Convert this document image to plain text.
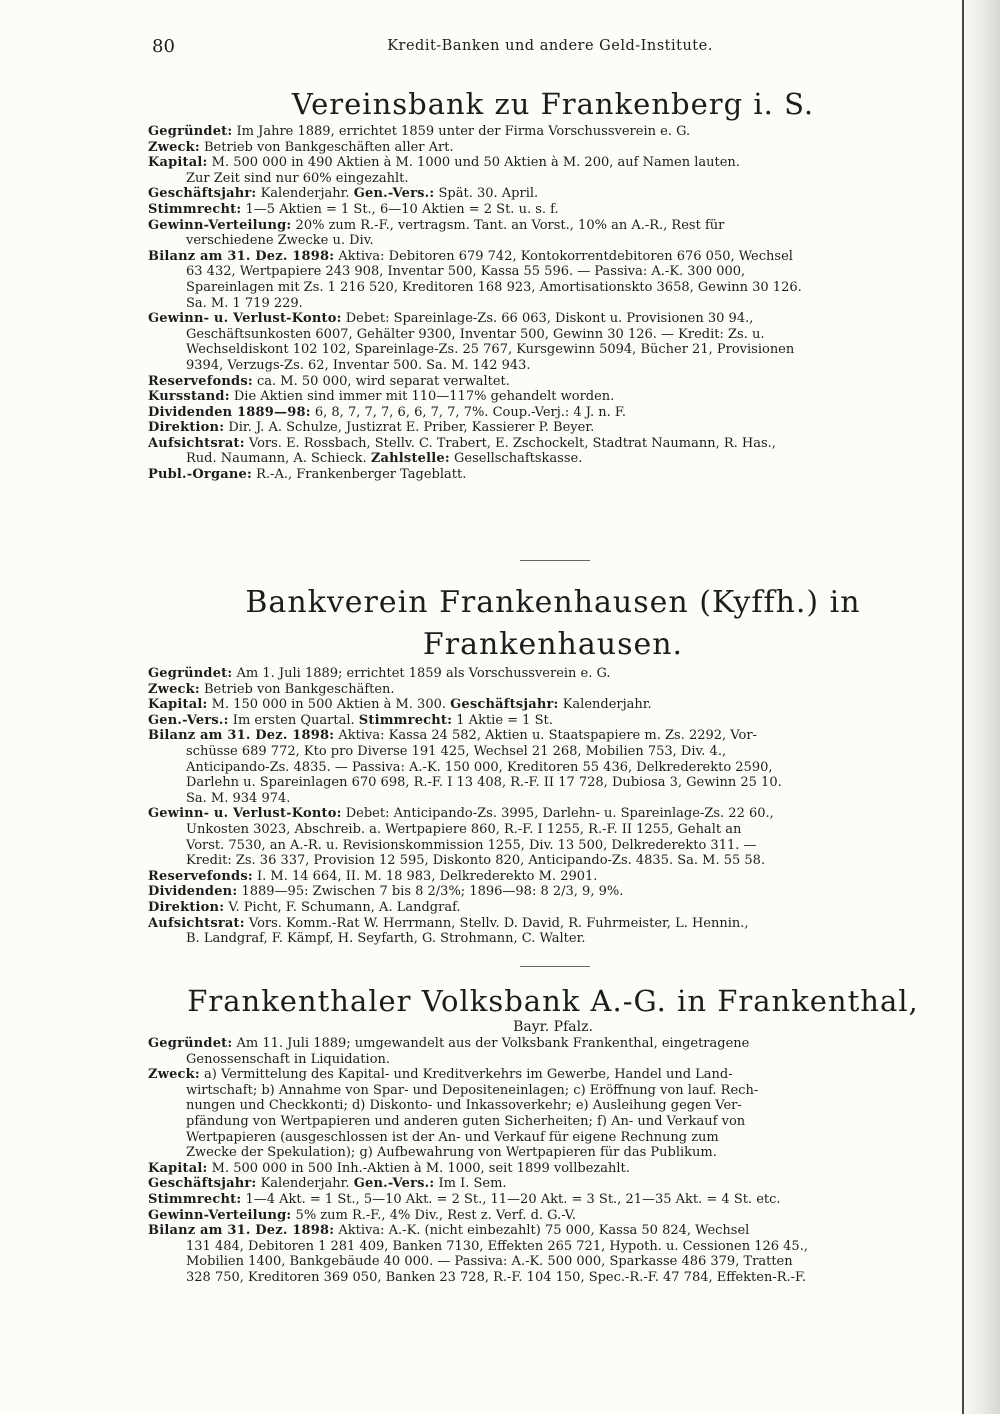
80	Kredit-Banken und andere Geld-Institute.
Vereinsbank zu Frankenberg i. S.

Gegründet: Im Jahre 1889, errichtet 1859 unter der Firma Vorschussverein e. G.

Zweck: Betrieb von Bankgeschäften aller Art.

Kapital: M. 500 000 in 490 Aktien à M. 1000 und 50 Aktien à M. 200, auf Namen lauten.

Zur Zeit sind nur 60% eingezahlt.

Geschäftsjahr: Kalenderjahr. Gen.-Vers.: Spät. 30. April.

Stimmrecht: 1—5 Aktien = 1 St., 6—10 Aktien = 2 St. u. s. f.

Gewinn-Verteilung: 20% zum R.-F., vertragsm. Tant. an Vorst., 10% an A.-R., Rest für

verschiedene Zwecke u. Div.

Bilanz am 31. Dez. 1898: Aktiva: Debitoren 679 742, Kontokorrentdebitoren 676 050, Wechsel

63 432, Wertpapiere 243 908, Inventar 500, Kassa 55 596. — Passiva: A.-K. 300 000,

Spareinlagen mit Zs. 1 216 520, Kreditoren 168 923, Amortisationskto 3658, Gewinn 30 126.

Sa. M. 1 719 229.

Gewinn- u. Verlust-Konto: Debet: Spareinlage-Zs. 66 063, Diskont u. Provisionen 30 94.,

Geschäftsunkosten 6007, Gehälter 9300, Inventar 500, Gewinn 30 126. — Kredit: Zs. u.

Wechseldiskont 102 102, Spareinlage-Zs. 25 767, Kursgewinn 5094, Bücher 21, Provisionen

9394, Verzugs-Zs. 62, Inventar 500. Sa. M. 142 943.

Reservefonds: ca. M. 50 000, wird separat verwaltet.

Kursstand: Die Aktien sind immer mit 110—117% gehandelt worden.

Dividenden 1889—98: 6, 8, 7, 7, 7, 6, 6, 7, 7, 7%. Coup.-Verj.: 4 J. n. F.

Direktion: Dir. J. A. Schulze, Justizrat E. Priber, Kassierer P. Beyer.

Aufsichtsrat: Vors. E. Rossbach, Stellv. C. Trabert, E. Zschockelt, Stadtrat Naumann, R. Has.,

Rud. Naumann, A. Schieck. Zahlstelle: Gesellschaftskasse.

Publ.-Organe: R.-A., Frankenberger Tageblatt.

Bankverein Frankenhausen (Kyffh.) in Frankenhausen.

Gegründet: Am 1. Juli 1889; errichtet 1859 als Vorschussverein e. G.

Zweck: Betrieb von Bankgeschäften.

Kapital: M. 150 000 in 500 Aktien à M. 300. Geschäftsjahr: Kalenderjahr.

Gen.-Vers.: Im ersten Quartal. Stimmrecht: 1 Aktie = 1 St.

Bilanz am 31. Dez. 1898: Aktiva: Kassa 24 582, Aktien u. Staatspapiere m. Zs. 2292, Vor-

schüsse 689 772, Kto pro Diverse 191 425, Wechsel 21 268, Mobilien 753, Div. 4.,

Anticipando-Zs. 4835. — Passiva: A.-K. 150 000, Kreditoren 55 436, Delkrederekto 2590,

Darlehn u. Spareinlagen 670 698, R.-F. I 13 408, R.-F. II 17 728, Dubiosa 3, Gewinn 25 10.

Sa. M. 934 974.

Gewinn- u. Verlust-Konto: Debet: Anticipando-Zs. 3995, Darlehn- u. Spareinlage-Zs. 22 60.,

Unkosten 3023, Abschreib. a. Wertpapiere 860, R.-F. I 1255, R.-F. II 1255, Gehalt an

Vorst. 7530, an A.-R. u. Revisionskommission 1255, Div. 13 500, Delkrederekto 311. —

Kredit: Zs. 36 337, Provision 12 595, Diskonto 820, Anticipando-Zs. 4835. Sa. M. 55 58.

Reservefonds: I. M. 14 664, II. M. 18 983, Delkrederekto M. 2901.

Dividenden: 1889—95: Zwischen 7 bis 8 2/3%; 1896—98: 8 2/3, 9, 9%.

Direktion: V. Picht, F. Schumann, A. Landgraf.

Aufsichtsrat: Vors. Komm.-Rat W. Herrmann, Stellv. D. David, R. Fuhrmeister, L. Hennin.,

B. Landgraf, F. Kämpf, H. Seyfarth, G. Strohmann, C. Walter.

Frankenthaler Volksbank A.-G. in Frankenthal,
Bayr. Pfalz.

Gegründet: Am 11. Juli 1889; umgewandelt aus der Volksbank Frankenthal, eingetragene

Genossenschaft in Liquidation.

Zweck: a) Vermittelung des Kapital- und Kreditverkehrs im Gewerbe, Handel und Land-

wirtschaft; b) Annahme von Spar- und Depositeneinlagen; c) Eröffnung von lauf. Rech-

nungen und Checkkonti; d) Diskonto- und Inkassoverkehr; e) Ausleihung gegen Ver-

pfändung von Wertpapieren und anderen guten Sicherheiten; f) An- und Verkauf von

Wertpapieren (ausgeschlossen ist der An- und Verkauf für eigene Rechnung zum

Zwecke der Spekulation); g) Aufbewahrung von Wertpapieren für das Publikum.

Kapital: M. 500 000 in 500 Inh.-Aktien à M. 1000, seit 1899 vollbezahlt.

Geschäftsjahr: Kalenderjahr. Gen.-Vers.: Im I. Sem.

Stimmrecht: 1—4 Akt. = 1 St., 5—10 Akt. = 2 St., 11—20 Akt. = 3 St., 21—35 Akt. = 4 St. etc.

Gewinn-Verteilung: 5% zum R.-F., 4% Div., Rest z. Verf. d. G.-V.

Bilanz am 31. Dez. 1898: Aktiva: A.-K. (nicht einbezahlt) 75 000, Kassa 50 824, Wechsel

131 484, Debitoren 1 281 409, Banken 7130, Effekten 265 721, Hypoth. u. Cessionen 126 45.,

Mobilien 1400, Bankgebäude 40 000. — Passiva: A.-K. 500 000, Sparkasse 486 379, Tratten

328 750, Kreditoren 369 050, Banken 23 728, R.-F. 104 150, Spec.-R.-F. 47 784, Effekten-R.-F.
